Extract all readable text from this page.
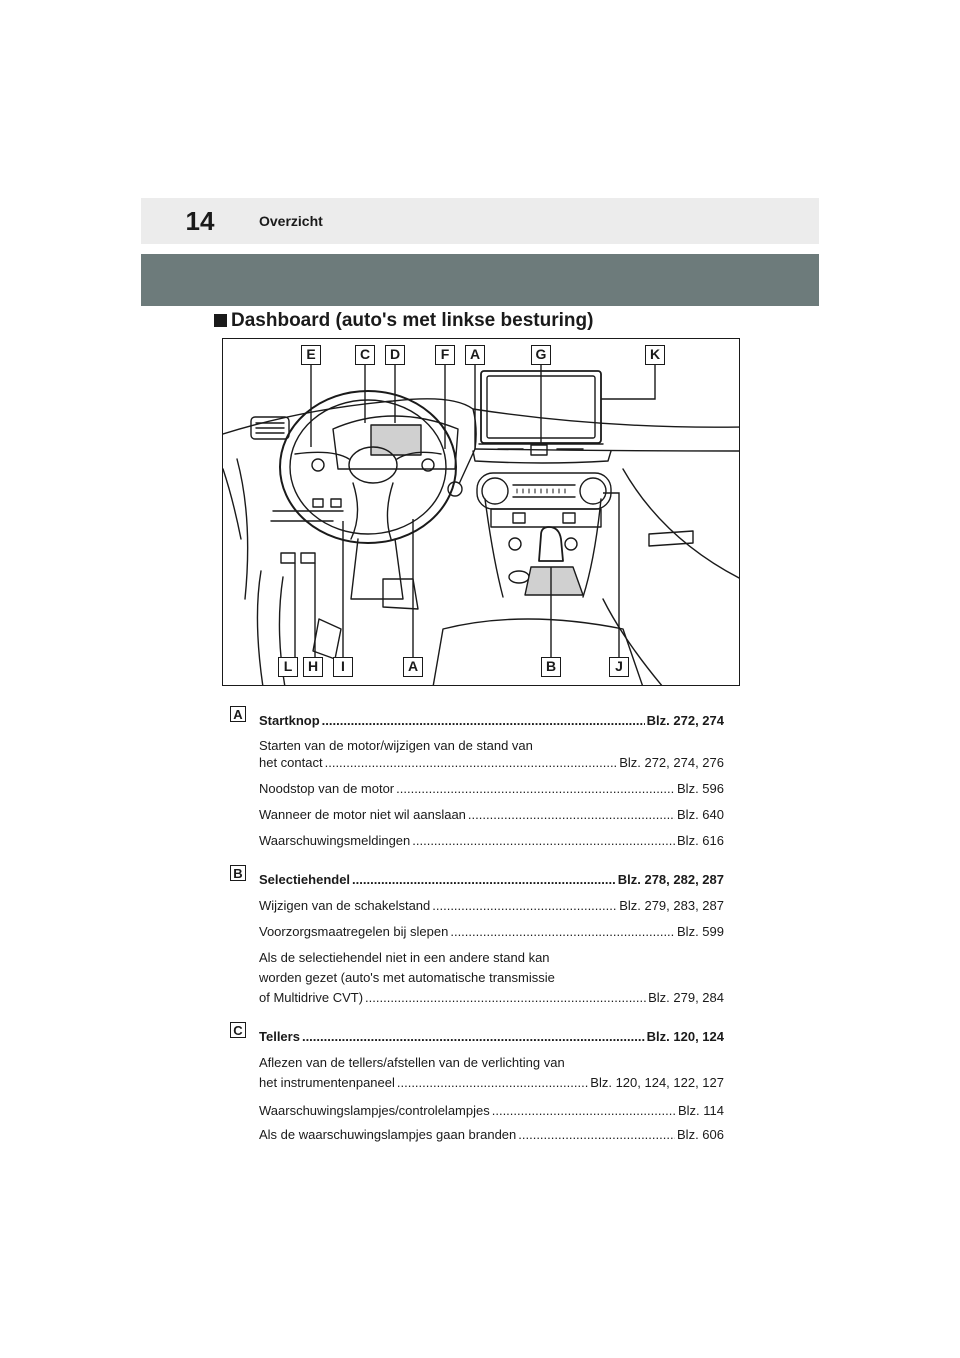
14	Overzicht
Dashboard (auto's met linkse besturing)
E	C	D	F	A	G	K
L	H	I	A	B	J
A Startknop .....	Blz. 272, 274
Starten van de motor/wijzigen van de stand van
het contact .....	Blz. 272, 274, 276
Noodstop van de motor .....	Blz. 596
Wanneer de motor niet wil aanslaan .....	Blz. 640
Waarschuwingsmeldingen .....	Blz. 616
B Selectiehendel .....	Blz. 278, 282, 287
Wijzigen van de schakelstand .....	Blz. 279, 283, 287
Voorzorgsmaatregelen bij slepen .....	Blz. 599
Als de selectiehendel niet in een andere stand kan
worden gezet (auto's met automatische transmissie
of Multidrive CVT) .....	Blz. 279, 284
C Tellers .....	Blz. 120, 124
Aflezen van de tellers/afstellen van de verlichting van
het instrumentenpaneel .....	Blz. 120, 124, 122, 127
Waarschuwingslampjes/controlelampjes .....	Blz. 114
Als de waarschuwingslampjes gaan branden .....	Blz. 606
